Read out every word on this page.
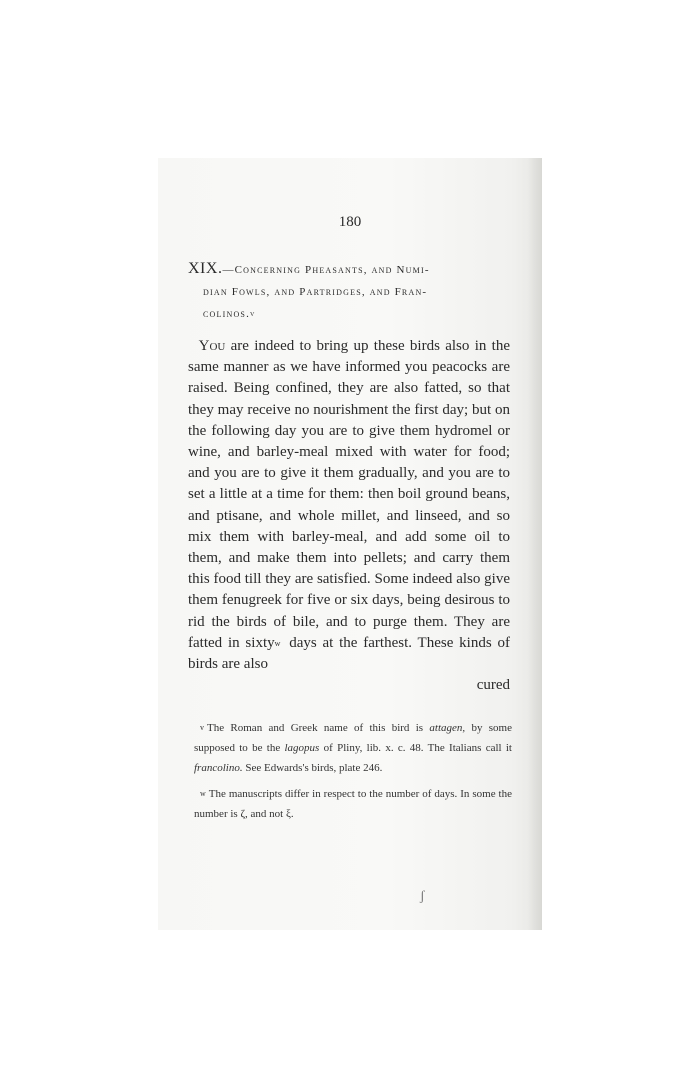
180
XIX.—Concerning Pheasants, and Numi-
dian Fowls, and Partridges, and Fran-
colinos.$^v$
You are indeed to bring up these birds also in the same manner as we have informed you peacocks are raised. Being confined, they are also fatted, so that they may receive no nourishment the first day; but on the following day you are to give them hydromel or wine, and barley-meal mixed with water for food; and you are to give it them gradually, and you are to set a little at a time for them: then boil ground beans, and ptisane, and whole millet, and linseed, and so mix them with barley-meal, and add some oil to them, and make them into pellets; and carry them this food till they are satisfied. Some indeed also give them fenugreek for five or six days, being desirous to rid the birds of bile, and to purge them. They are fatted in sixty$^w$ days at the farthest. These kinds of birds are also
cured

$^v$ The Roman and Greek name of this bird is attagen, by some supposed to be the lagopus of Pliny, lib. x. c. 48. The Italians call it francolino. See Edwards's birds, plate 246.

$^w$ The manuscripts differ in respect to the number of days. In some the number is ζ, and not ξ.

ʃ
